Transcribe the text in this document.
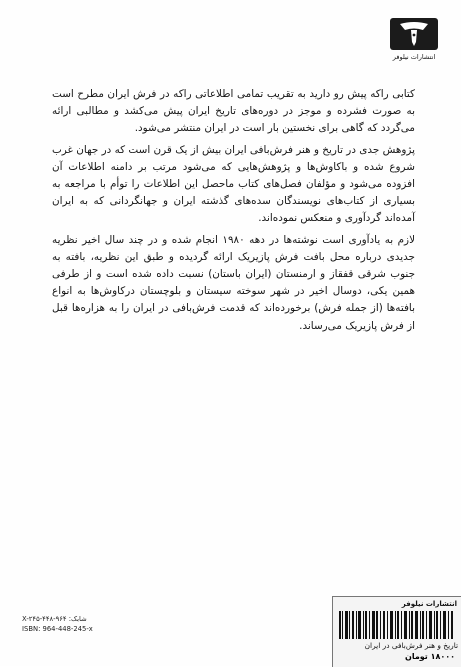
انتشارات نیلوفر

کتابی راکه پیش رو دارید به تقریب تمامی اطلاعاتی راکه در فرش ایران مطرح است به صورت فشرده و موجز در دوره‌های تاریخ ایران پیش می‌کشد و مطالبی ارائه می‌گردد که گاهی برای نخستین بار است در ایران منتشر می‌شود.

پژوهش جدی در تاریخ و هنر فرش‌بافی ایران بیش از یک قرن است که در جهان غرب شروع شده و باکاوش‌ها و پژوهش‌هایی که می‌شود مرتب بر دامنه اطلاعات آن افزوده می‌شود و مؤلفان فصل‌های کتاب ماحصل این اطلاعات را توأم با مراجعه به بسیاری از کتاب‌های نویسندگان سده‌های گذشته ایران و جهانگردانی که به ایران آمده‌اند گردآوری و منعکس نموده‌اند.

لازم به یادآوری است نوشته‌ها در دهه ۱۹۸۰ انجام شده و در چند سال اخیر نظریه جدیدی درباره محل بافت فرش پازیریک ارائه گردیده و طبق این نظریه، بافته به جنوب شرقی قفقاز و ارمنستان (ایران باستان) نسبت داده شده است و از طرفی همین یکی، دوسال اخیر در شهر سوخته سیستان و بلوچستان درکاوش‌ها به انواع بافته‌ها (از جمله فرش) برخورده‌اند که قدمت فرش‌بافی در ایران را به هزاره‌ها قبل از فرش پازیریک می‌رساند.

شابک: X-۲۴۵-۴۴۸-۹۶۴
ISBN: 964-448-245-x
انتشارات نیلوفر
تاریخ و هنر فرش‌بافی در ایران
۱۸۰۰۰ تومان
